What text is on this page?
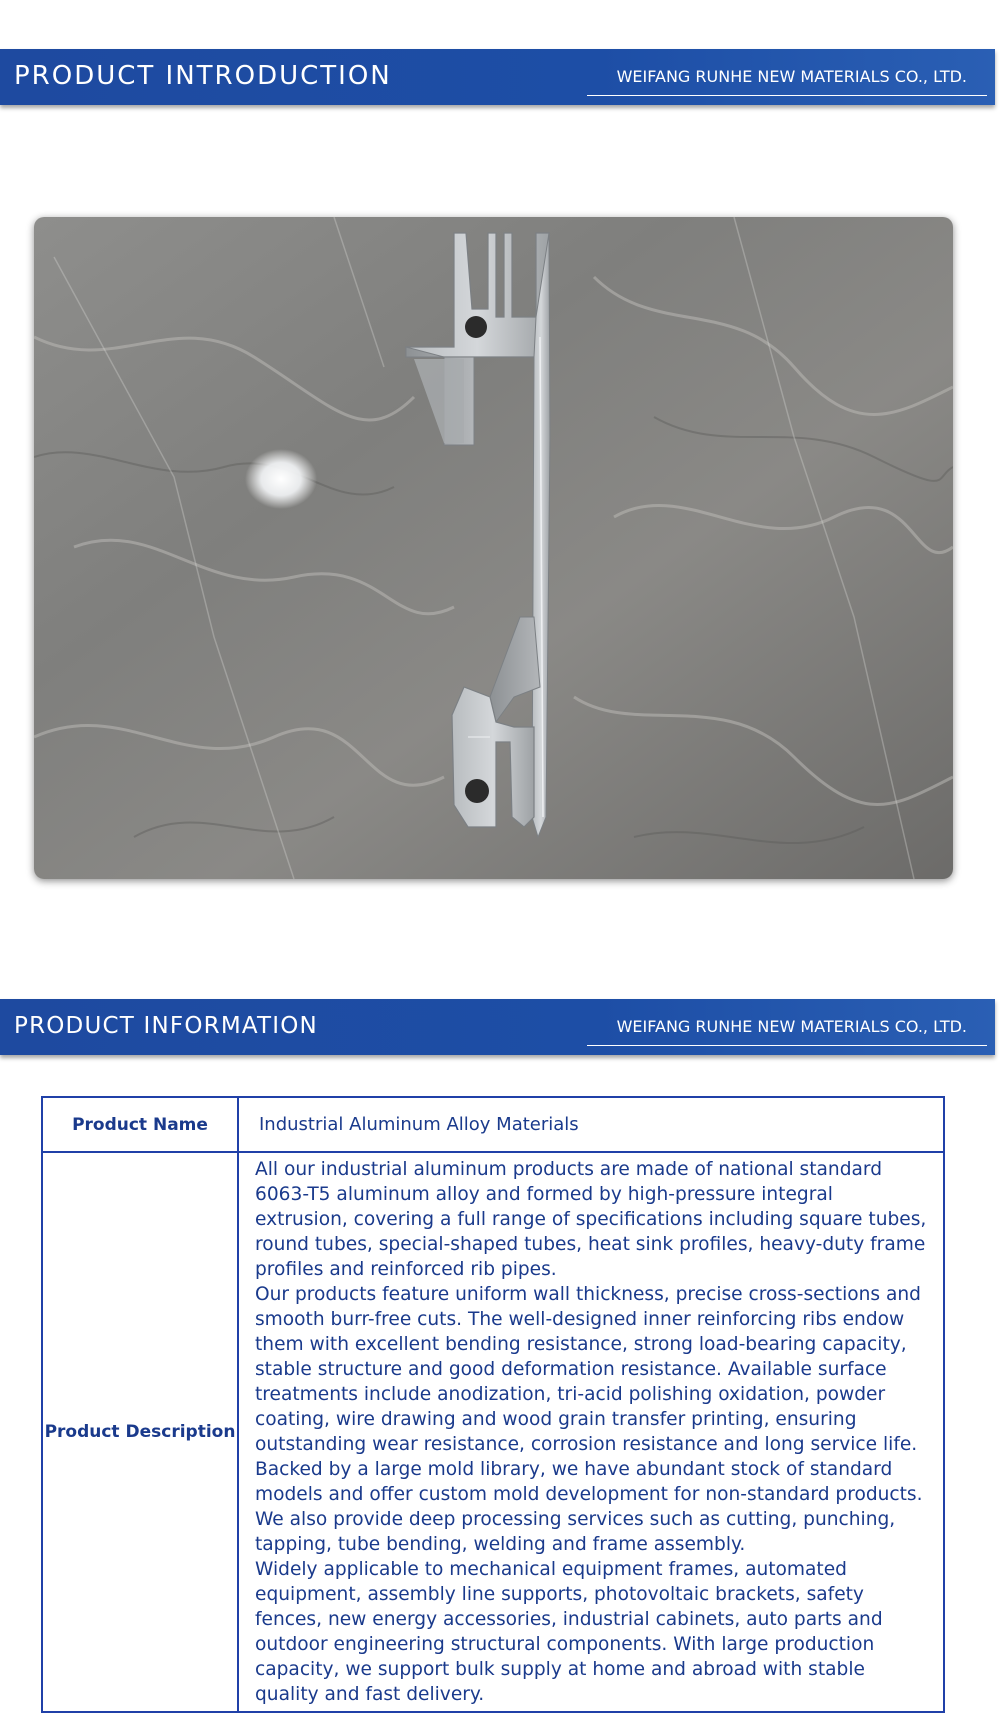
PRODUCT INTRODUCTION	WEIFANG RUNHE NEW MATERIALS CO., LTD.
PRODUCT INFORMATION	WEIFANG RUNHE NEW MATERIALS CO., LTD.
Product Name	Industrial Aluminum Alloy Materials
Product Description	All our industrial aluminum products are made of national standard 6063-T5 aluminum alloy and formed by high-pressure integral extrusion, covering a full range of specifications including square tubes, round tubes, special-shaped tubes, heat sink profiles, heavy-duty frame profiles and reinforced rib pipes.

Our products feature uniform wall thickness, precise cross-sections and smooth burr-free cuts. The well-designed inner reinforcing ribs endow them with excellent bending resistance, strong load-bearing capacity, stable structure and good deformation resistance. Available surface treatments include anodization, tri-acid polishing oxidation, powder coating, wire drawing and wood grain transfer printing, ensuring outstanding wear resistance, corrosion resistance and long service life.

Backed by a large mold library, we have abundant stock of standard models and offer custom mold development for non-standard products. We also provide deep processing services such as cutting, punching, tapping, tube bending, welding and frame assembly.

Widely applicable to mechanical equipment frames, automated equipment, assembly line supports, photovoltaic brackets, safety fences, new energy accessories, industrial cabinets, auto parts and outdoor engineering structural components. With large production capacity, we support bulk supply at home and abroad with stable quality and fast delivery.
